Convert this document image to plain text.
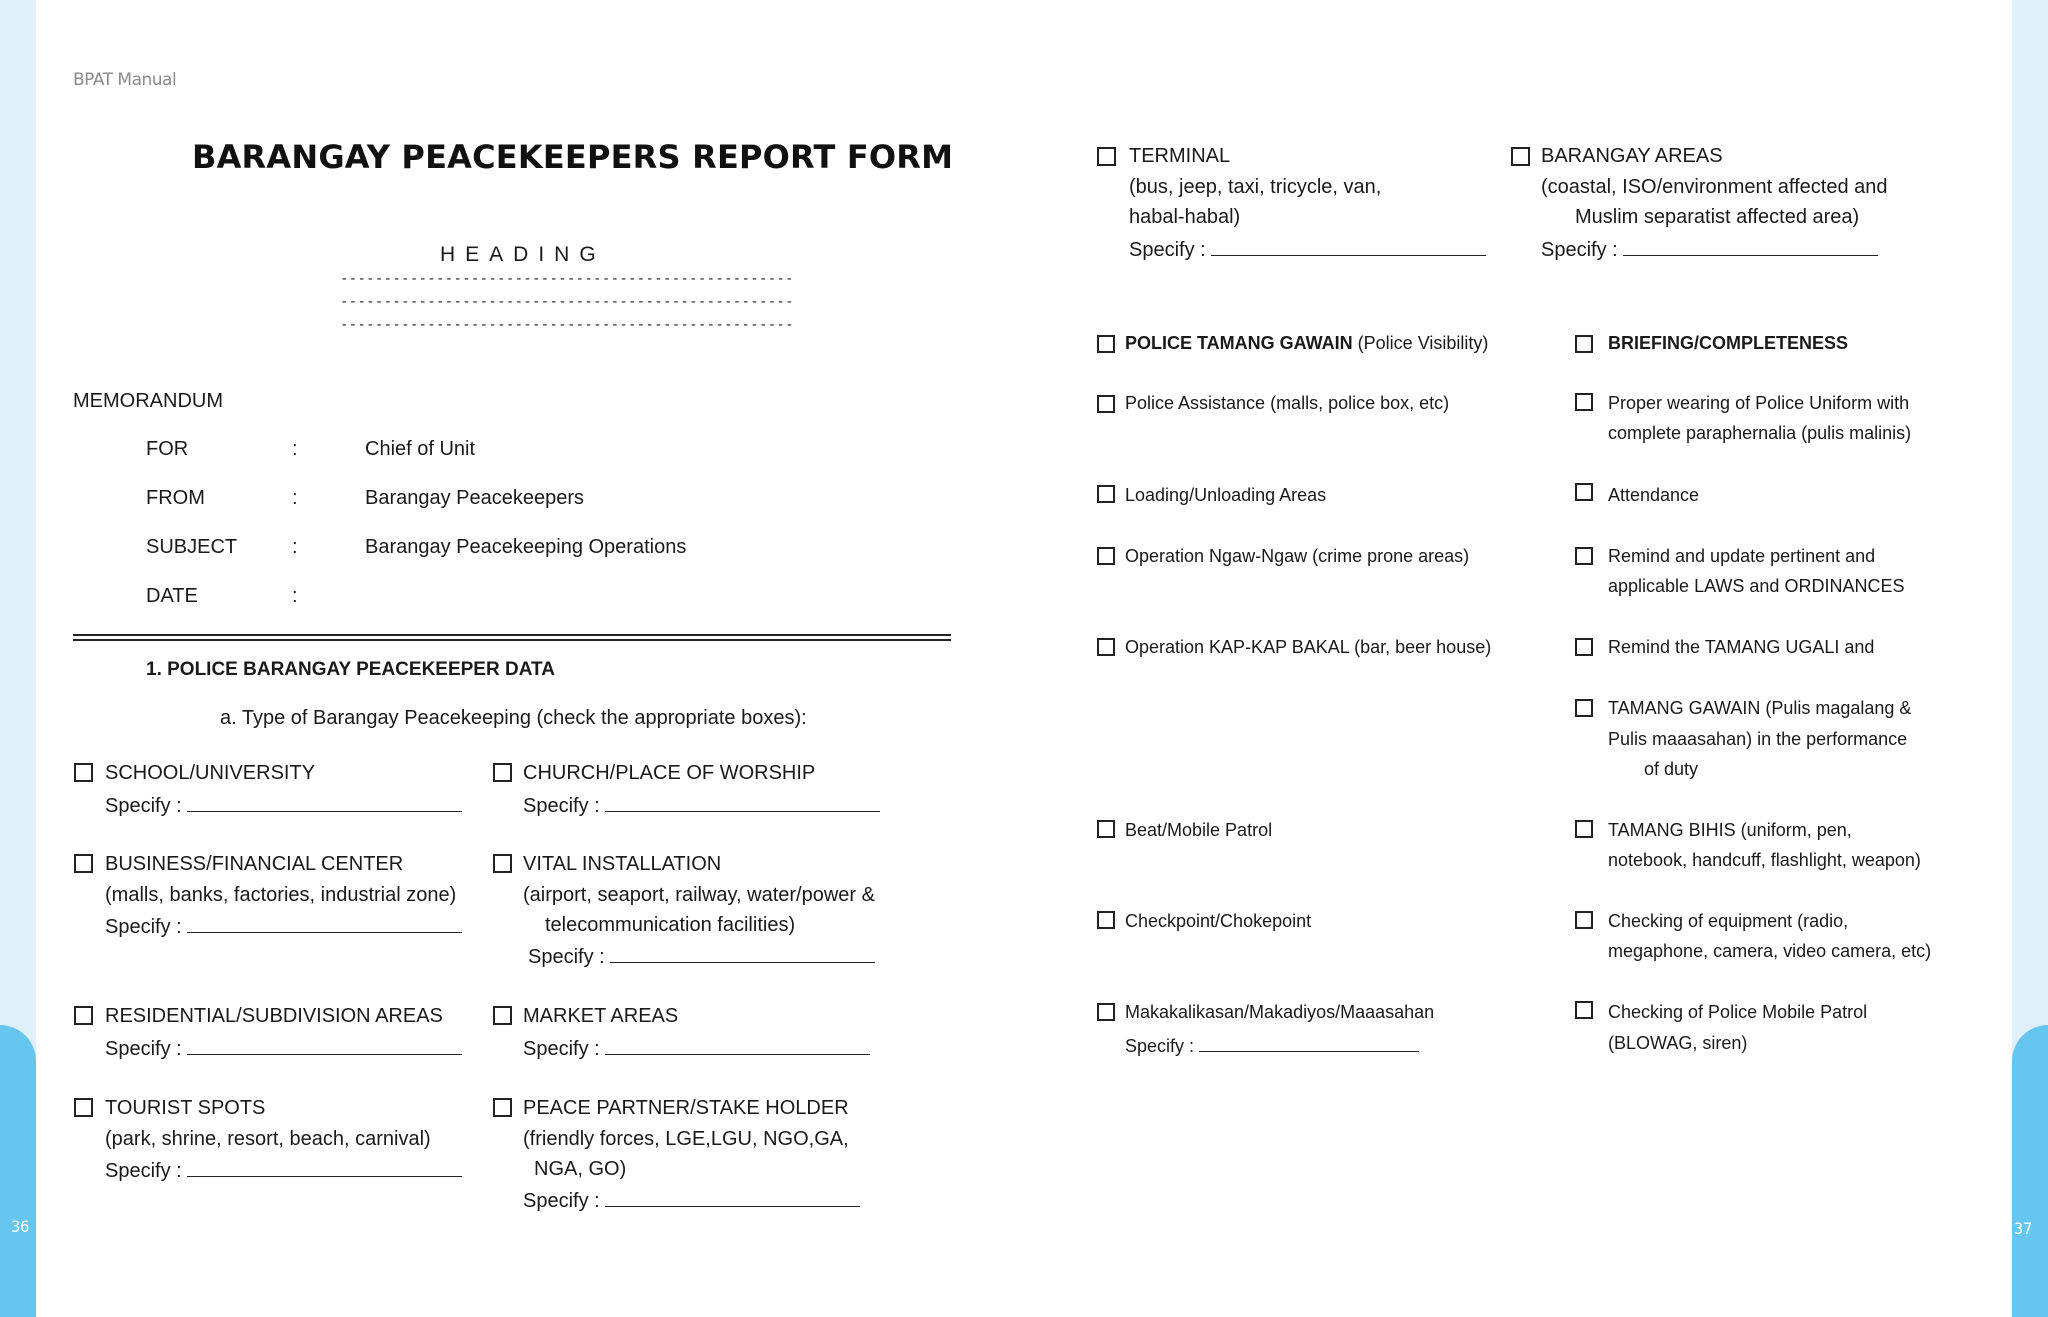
36	37
BPAT Manual
BARANGAY PEACEKEEPERS REPORT FORM
HEADING
----------------------------------------------------
----------------------------------------------------
----------------------------------------------------
MEMORANDUM
FOR	:	Chief of Unit
FROM	:	Barangay Peacekeepers
SUBJECT	:	Barangay Peacekeeping Operations
DATE	:
1. POLICE BARANGAY PEACEKEEPER DATA
a. Type of Barangay Peacekeeping (check the appropriate boxes):
SCHOOL/UNIVERSITY
Specify :
CHURCH/PLACE OF WORSHIP
Specify :
BUSINESS/FINANCIAL CENTER
(malls, banks, factories, industrial zone)
Specify :
VITAL INSTALLATION
(airport, seaport, railway, water/power &
telecommunication facilities)
Specify :
RESIDENTIAL/SUBDIVISION AREAS
Specify :
MARKET AREAS
Specify :
TOURIST SPOTS
(park, shrine, resort, beach, carnival)
Specify :
PEACE PARTNER/STAKE HOLDER
(friendly forces, LGE,LGU, NGO,GA,
NGA, GO)
Specify :
TERMINAL
(bus, jeep, taxi, tricycle, van,
habal-habal)
Specify :
BARANGAY AREAS
(coastal, ISO/environment affected and
Muslim separatist affected area)
Specify :
POLICE TAMANG GAWAIN (Police Visibility)
Police Assistance (malls, police box, etc)
Loading/Unloading Areas
Operation Ngaw-Ngaw (crime prone areas)
Operation KAP-KAP BAKAL (bar, beer house)
Beat/Mobile Patrol
Checkpoint/Chokepoint
Makakalikasan/Makadiyos/Maaasahan
Specify :
BRIEFING/COMPLETENESS
Proper wearing of Police Uniform with
complete paraphernalia (pulis malinis)
Attendance
Remind and update pertinent and
applicable LAWS and ORDINANCES
Remind the TAMANG UGALI and
TAMANG GAWAIN (Pulis magalang &
Pulis maaasahan) in the performance
of duty
TAMANG BIHIS (uniform, pen,
notebook, handcuff, flashlight, weapon)
Checking of equipment (radio,
megaphone, camera, video camera, etc)
Checking of Police Mobile Patrol
(BLOWAG, siren)
